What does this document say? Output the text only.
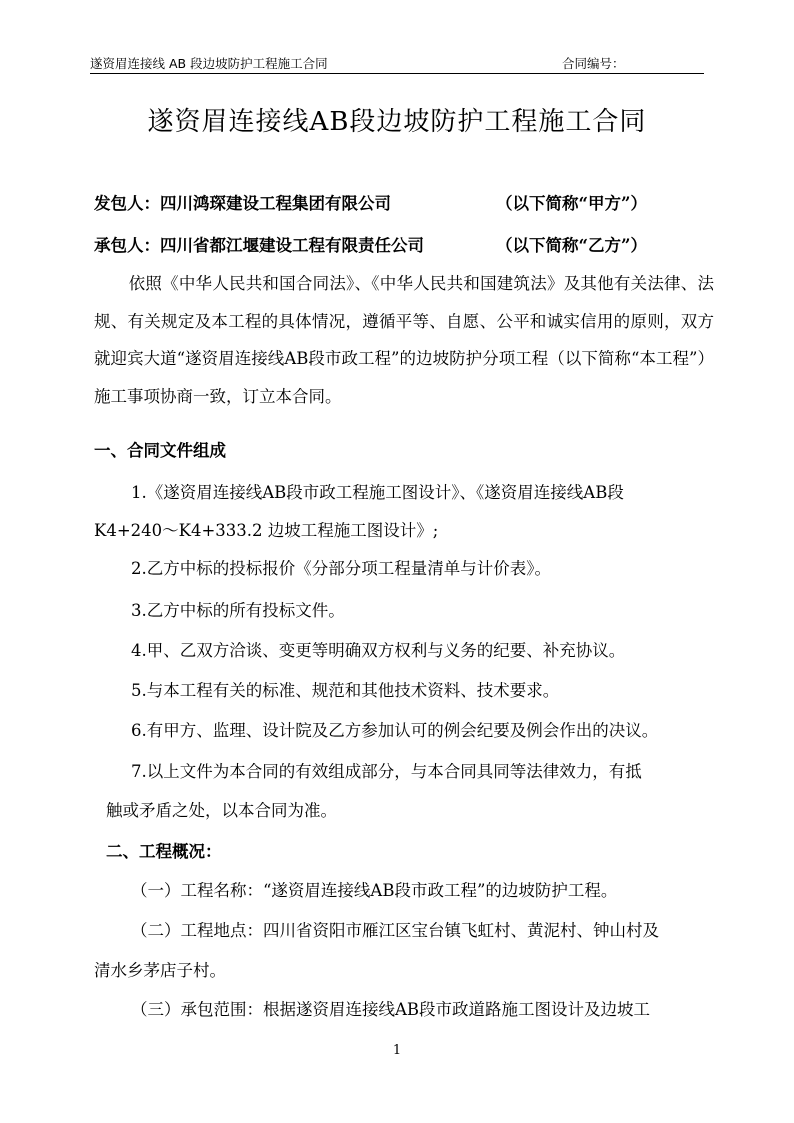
遂资眉连接线 AB 段边坡防护工程施工合同	合同编号：
遂资眉连接线AB段边坡防护工程施工合同
发包人：四川鸿琛建设工程集团有限公司	（以下简称“甲方”）
承包人：四川省都江堰建设工程有限责任公司	（以下简称“乙方”）
依照《中华人民共和国合同法》、《中华人民共和国建筑法》及其他有关法律、法规、有关规定及本工程的具体情况，遵循平等、自愿、公平和诚实信用的原则，双方就迎宾大道“遂资眉连接线AB段市政工程”的边坡防护分项工程（以下简称“本工程”）施工事项协商一致，订立本合同。
一、合同文件组成
1.《遂资眉连接线AB段市政工程施工图设计》、《遂资眉连接线AB段
K4+240～K4+333.2 边坡工程施工图设计》;
2.乙方中标的投标报价《分部分项工程量清单与计价表》。
3.乙方中标的所有投标文件。
4.甲、乙双方洽谈、变更等明确双方权利与义务的纪要、补充协议。
5.与本工程有关的标准、规范和其他技术资料、技术要求。
6.有甲方、监理、设计院及乙方参加认可的例会纪要及例会作出的决议。
7.以上文件为本合同的有效组成部分，与本合同具同等法律效力，有抵
触或矛盾之处，以本合同为准。
二、工程概况：
（一）工程名称：“遂资眉连接线AB段市政工程”的边坡防护工程。
（二）工程地点：四川省资阳市雁江区宝台镇飞虹村、黄泥村、钟山村及
清水乡茅店子村。
（三）承包范围：根据遂资眉连接线AB段市政道路施工图设计及边坡工
1
